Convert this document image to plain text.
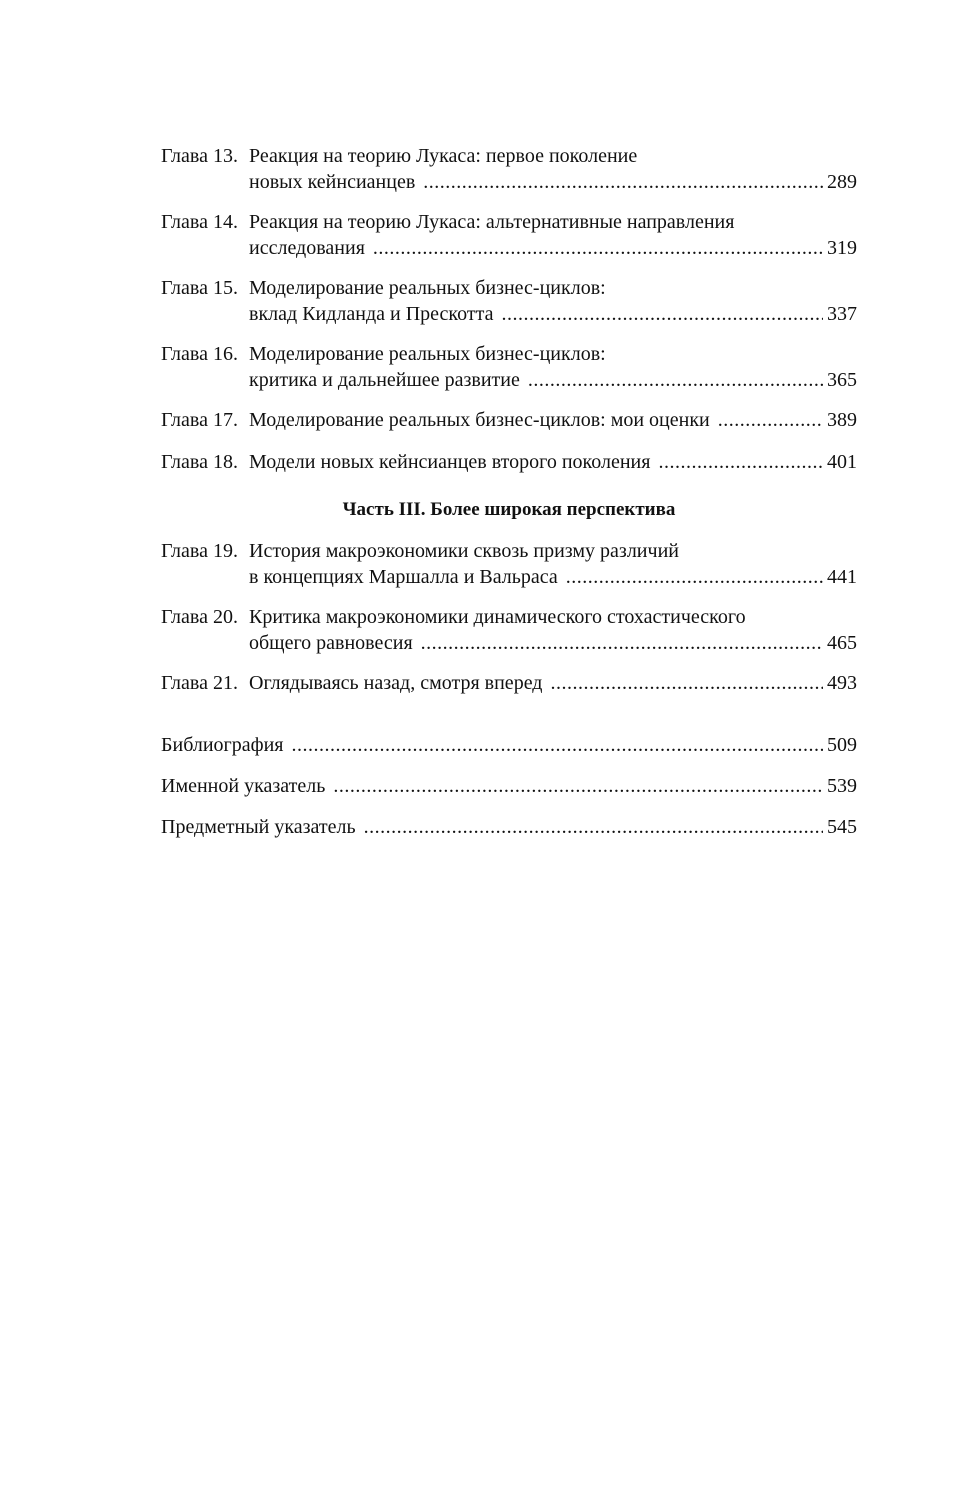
Глава 13. Реакция на теорию Лукаса: первое поколение
новых кейнсианцев .....	289
Глава 14. Реакция на теорию Лукаса: альтернативные направления
исследования .....	319
Глава 15. Моделирование реальных бизнес-циклов:
вклад Кидланда и Прескотта .....	337
Глава 16. Моделирование реальных бизнес-циклов:
критика и дальнейшее развитие .....	365
Глава 17. Моделирование реальных бизнес-циклов: мои оценки .....	389
Глава 18. Модели новых кейнсианцев второго поколения .....	401
Часть III. Более широкая перспектива
Глава 19. История макроэкономики сквозь призму различий
в концепциях Маршалла и Вальраса .....	441
Глава 20. Критика макроэкономики динамического стохастического
общего равновесия .....	465
Глава 21. Оглядываясь назад, смотря вперед .....	493
Библиография .....	509
Именной указатель .....	539
Предметный указатель .....	545
